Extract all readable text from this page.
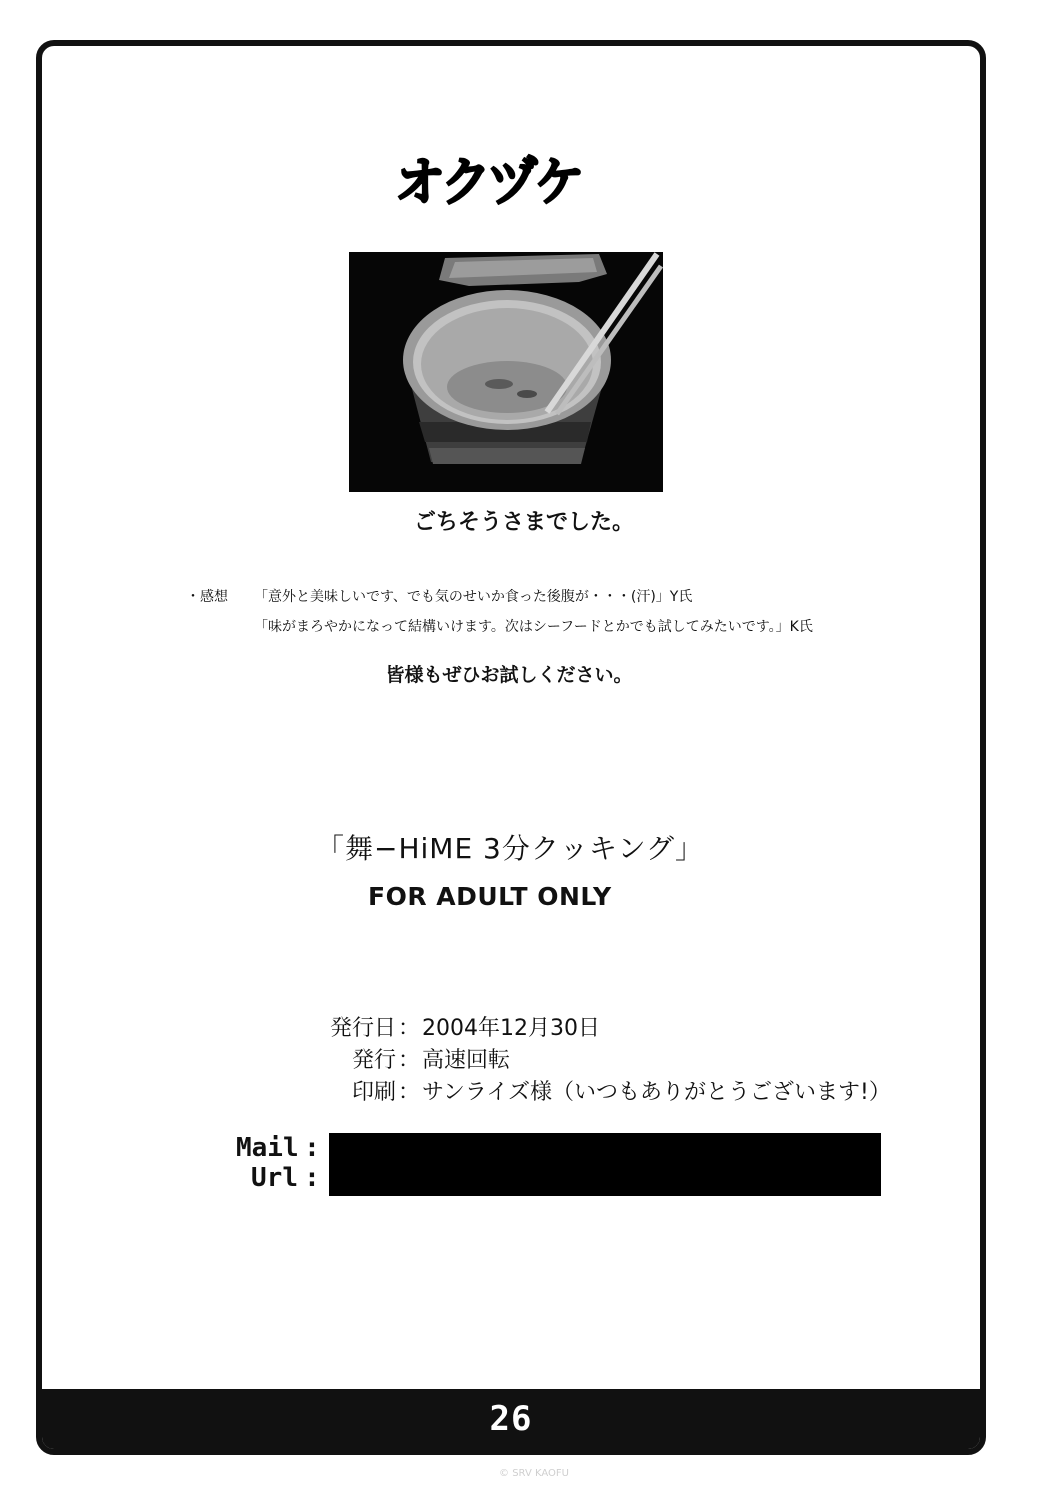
26
オクヅケ
ごちそうさまでした。
・感想	「意外と美味しいです、でも気のせいか食った後腹が・・・(汗)」Y氏
「味がまろやかになって結構いけます。次はシーフードとかでも試してみたいです。」K氏
皆様もぜひお試しください。
「舞−HiME 3分クッキング」
FOR ADULT ONLY
発行日 ： 2004年12月30日
発行 ： 高速回転
印刷 ： サンライズ様（いつもありがとうございます!）
Mail :
Url :
© SRV KAOFU
